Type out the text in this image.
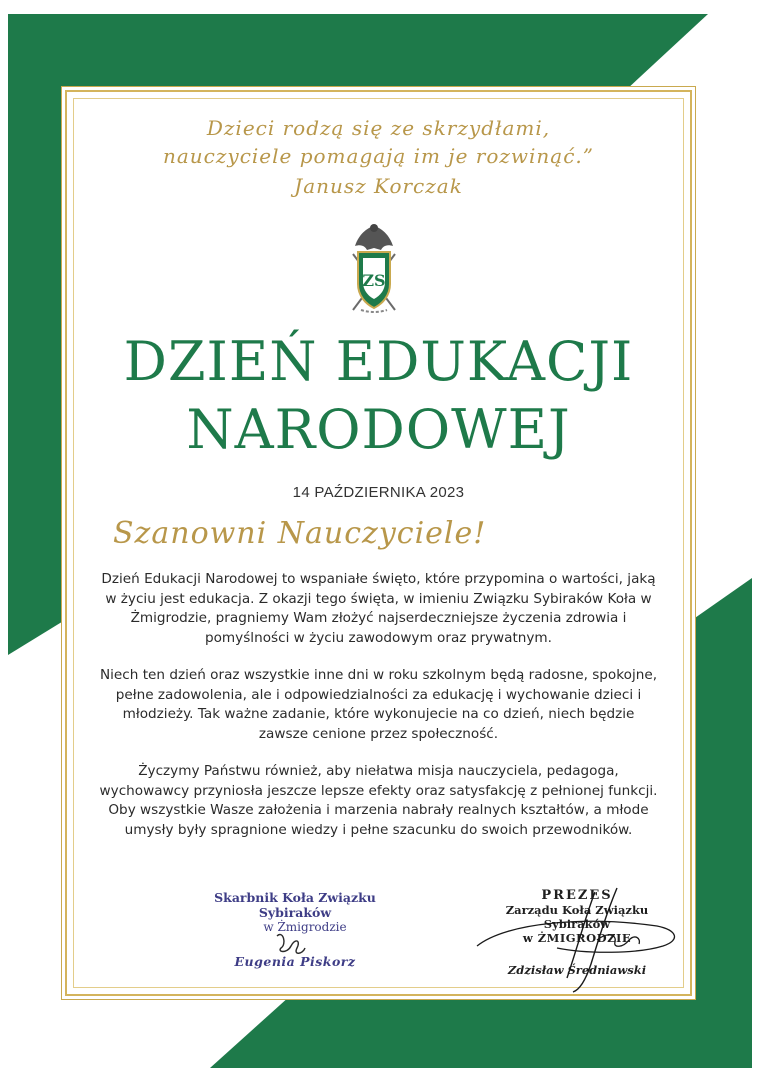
Dzieci rodzą się ze skrzydłami,
nauczyciele pomagają im je rozwinąć.”
Janusz Korczak
ZS
DZIEŃ EDUKACJI
NARODOWEJ
14 PAŹDZIERNIKA 2023
Szanowni Nauczyciele!

Dzień Edukacji Narodowej to wspaniałe święto, które przypomina o wartości, jaką w życiu jest edukacja. Z okazji tego święta, w imieniu Związku Sybiraków Koła w Żmigrodzie, pragniemy Wam złożyć najserdeczniejsze życzenia zdrowia i pomyślności w życiu zawodowym oraz prywatnym.

Niech ten dzień oraz wszystkie inne dni w roku szkolnym będą radosne, spokojne, pełne zadowolenia, ale i odpowiedzialności za edukację i wychowanie dzieci i młodzieży. Tak ważne zadanie, które wykonujecie na co dzień, niech będzie zawsze cenione przez społeczność.

Życzymy Państwu również, aby niełatwa misja nauczyciela, pedagoga, wychowawcy przyniosła jeszcze lepsze efekty oraz satysfakcję z pełnionej funkcji. Oby wszystkie Wasze założenia i marzenia nabrały realnych kształtów, a młode umysły były spragnione wiedzy i pełne szacunku do swoich przewodników.

Skarbnik Koła Związku Sybiraków
w Żmigrodzie
Eugenia Piskorz
PREZES
Zarządu Koła Związku Sybiraków
w ŻMIGRODZIE
Zdzisław Średniawski
